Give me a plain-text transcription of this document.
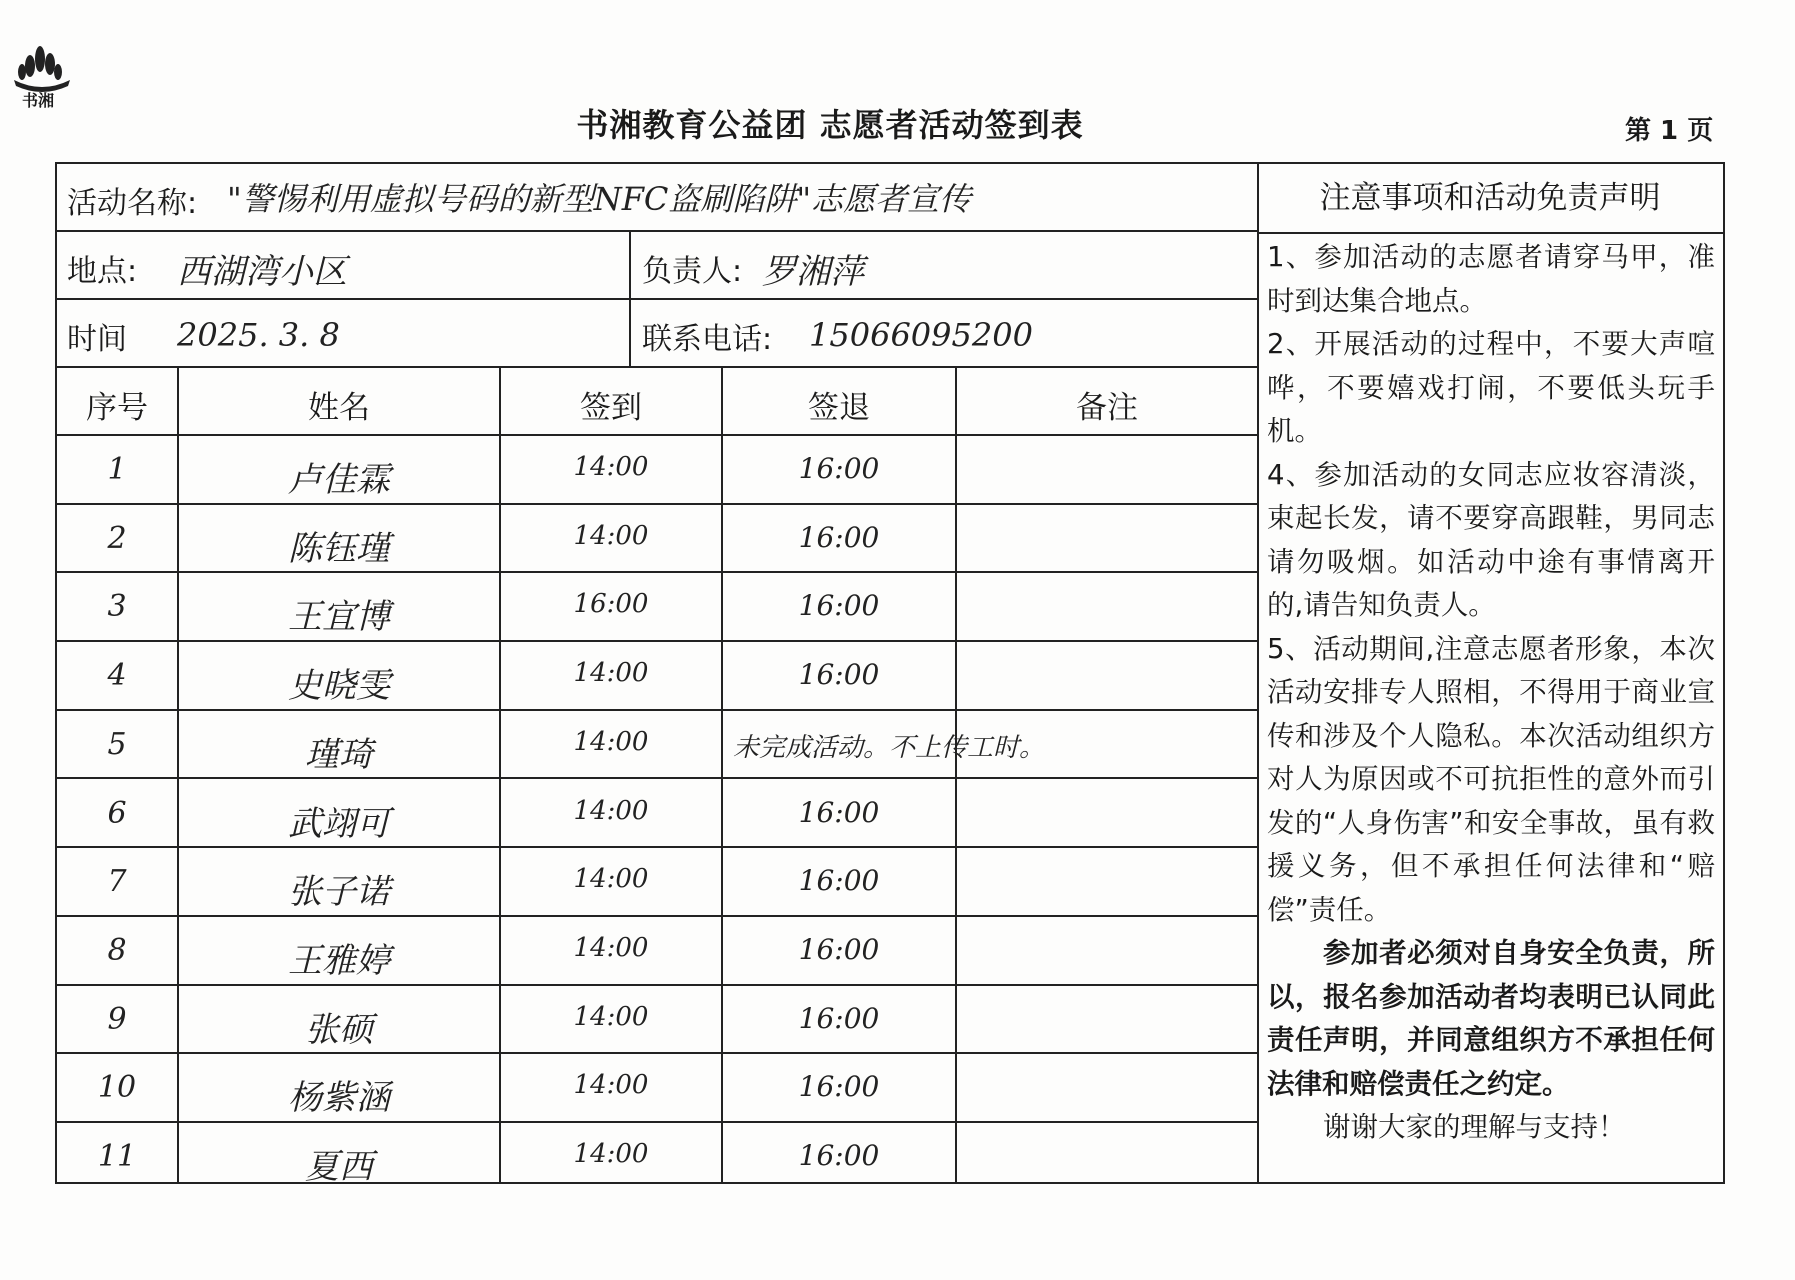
书湘
书湘教育公益团 志愿者活动签到表	第 1 页
活动名称: "警惕利用虚拟号码的新型NFC盗刷陷阱"志愿者宣传
地点: 西湖湾小区	负责人: 罗湘萍
时间 2025. 3. 8	联系电话: 15066095200
序号	姓名	签到	签退	备注
1	卢佳霖	14:00	16:00
2	陈钰瑾	14:00	16:00
3	王宜博	16:00	16:00
4	史晓雯	14:00	16:00
5	瑾琦	14:00	未完成活动。不上传工时。
6	武翊可	14:00	16:00
7	张子诺	14:00	16:00
8	王雅婷	14:00	16:00
9	张硕	14:00	16:00
10	杨紫涵	14:00	16:00
11	夏西	14:00	16:00
注意事项和活动免责声明

1、参加活动的志愿者请穿马甲，准时到达集合地点。

2、开展活动的过程中，不要大声喧哗，不要嬉戏打闹，不要低头玩手机。

4、参加活动的女同志应妆容清淡，束起长发，请不要穿高跟鞋，男同志请勿吸烟。如活动中途有事情离开的,请告知负责人。

5、活动期间,注意志愿者形象，本次活动安排专人照相，不得用于商业宣传和涉及个人隐私。本次活动组织方对人为原因或不可抗拒性的意外而引发的“人身伤害”和安全事故，虽有救援义务，但不承担任何法律和“赔偿”责任。

参加者必须对自身安全负责，所以，报名参加活动者均表明已认同此责任声明，并同意组织方不承担任何法律和赔偿责任之约定。

谢谢大家的理解与支持！
